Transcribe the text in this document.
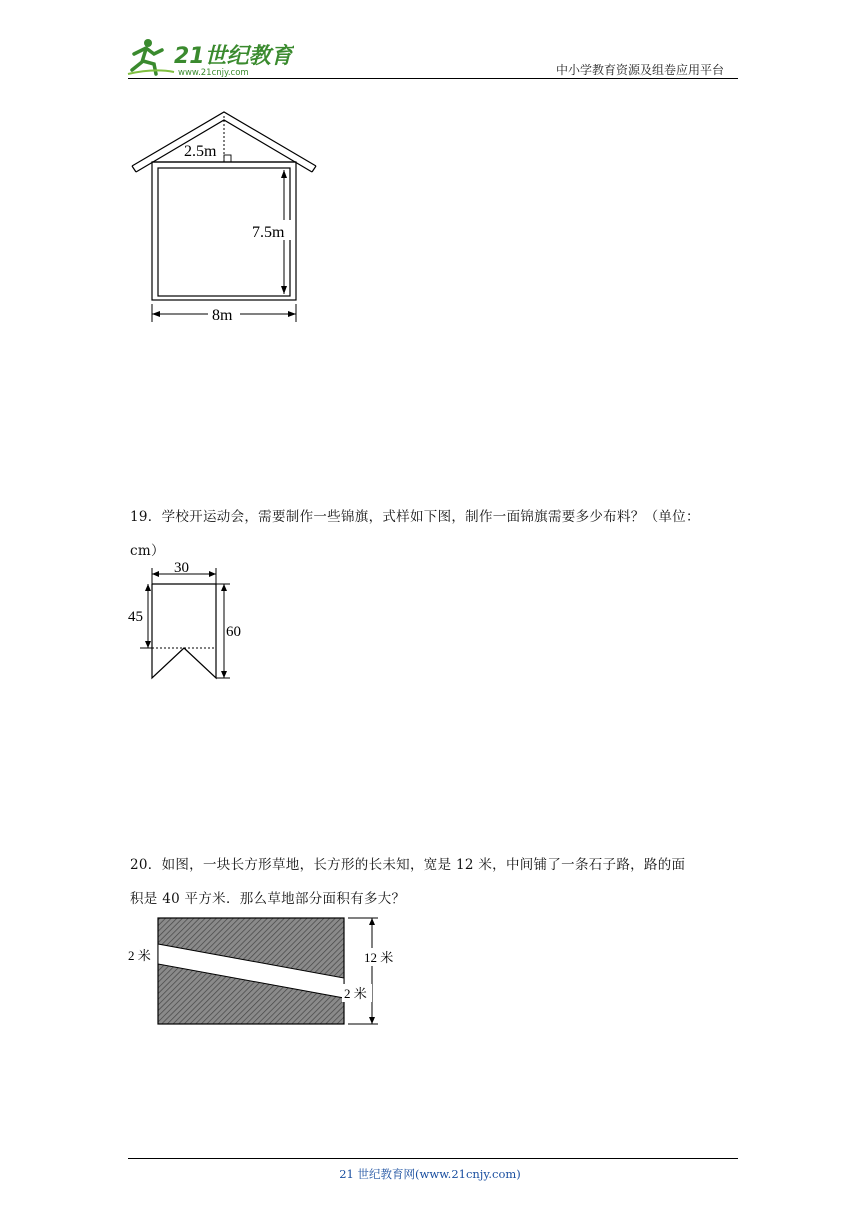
21世纪教育
www.21cnjy.com	中小学教育资源及组卷应用平台
2.5m
7.5m
8m
19．学校开运动会，需要制作一些锦旗，式样如下图，制作一面锦旗需要多少布料？（单位：
cm）
30
45
60
20．如图，一块长方形草地，长方形的长未知，宽是 12 米，中间铺了一条石子路，路的面
积是 40 平方米．那么草地部分面积有多大？
2 米	12 米
2 米
21 世纪教育网(www.21cnjy.com)
